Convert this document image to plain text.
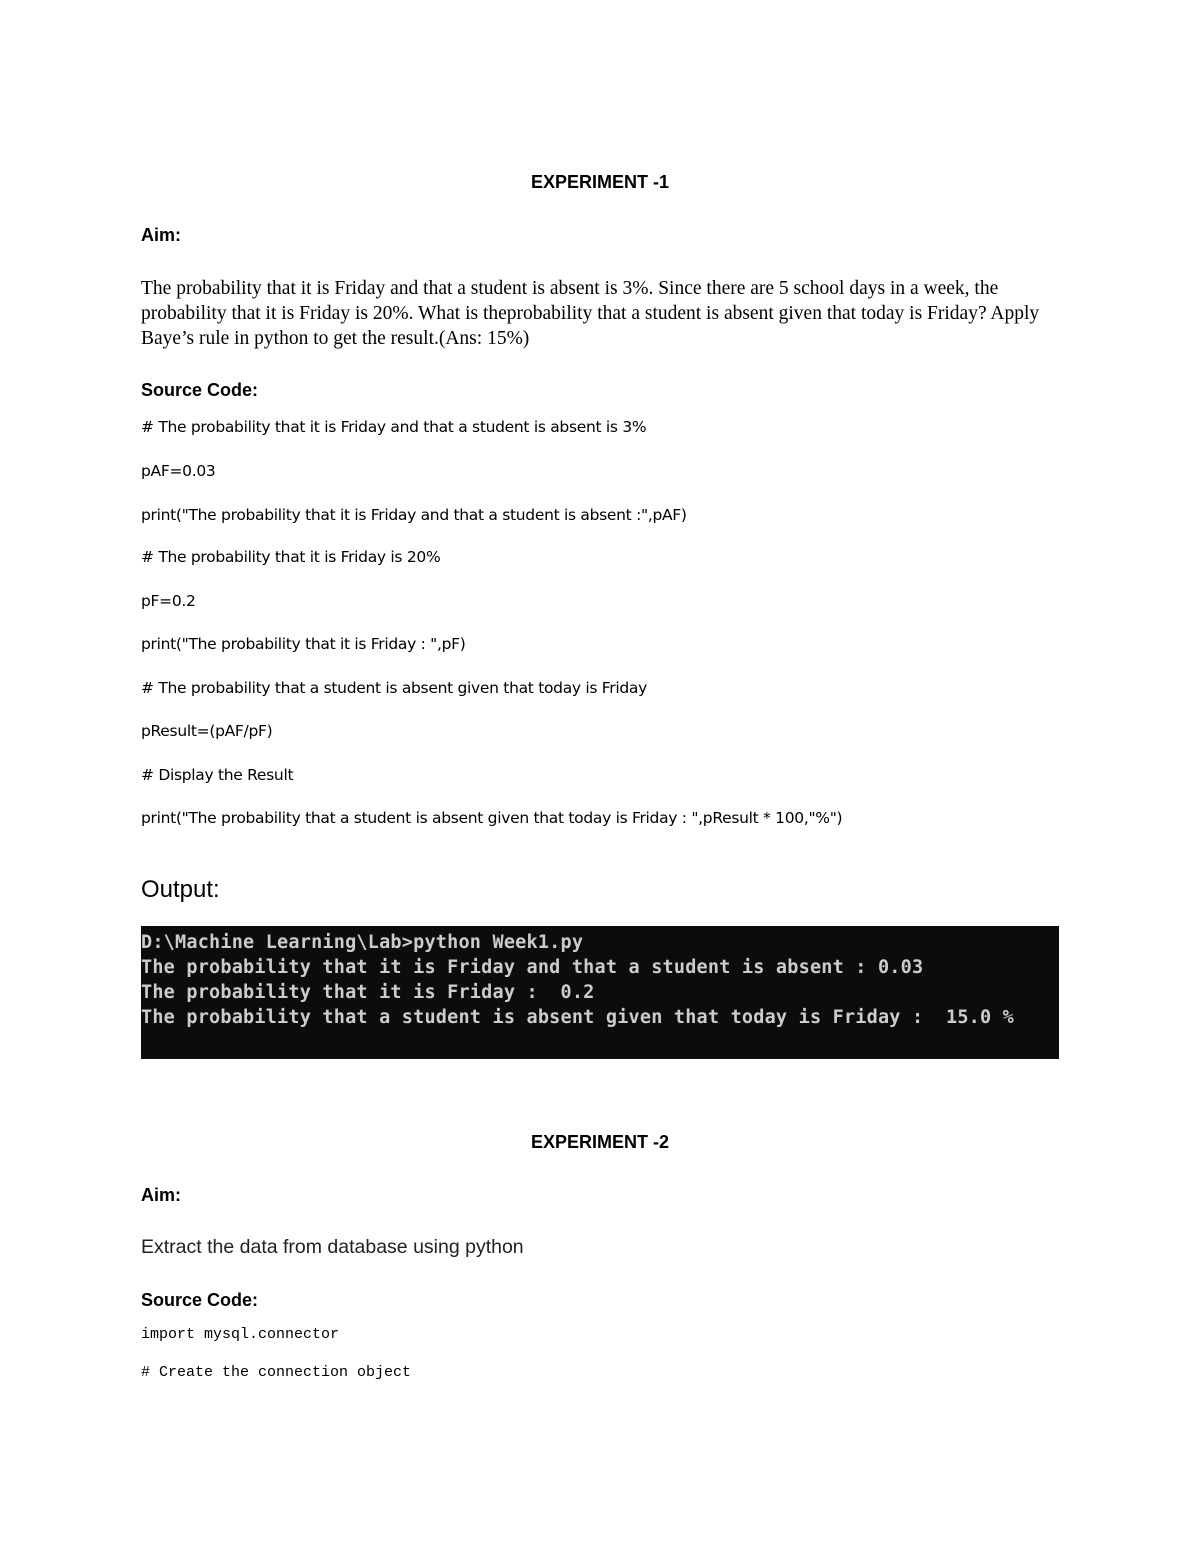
EXPERIMENT -1

Aim:

The probability that it is Friday and that a student is absent is 3%. Since there are 5 school days in a week, the probability that it is Friday is 20%. What is theprobability that a student is absent given that today is Friday? Apply Baye’s rule in python to get the result.(Ans: 15%)

Source Code:

# The probability that it is Friday and that a student is absent is 3%

pAF=0.03

print("The probability that it is Friday and that a student is absent :",pAF)

# The probability that it is Friday is 20%

pF=0.2

print("The probability that it is Friday : ",pF)

# The probability that a student is absent given that today is Friday

pResult=(pAF/pF)

# Display the Result

print("The probability that a student is absent given that today is Friday : ",pResult * 100,"%")

Output:

D:\Machine Learning\Lab>python Week1.py

The probability that it is Friday and that a student is absent : 0.03

The probability that it is Friday :  0.2

The probability that a student is absent given that today is Friday :  15.0 %

EXPERIMENT -2

Aim:

Extract the data from database using python

Source Code:

import mysql.connector

# Create the connection object
